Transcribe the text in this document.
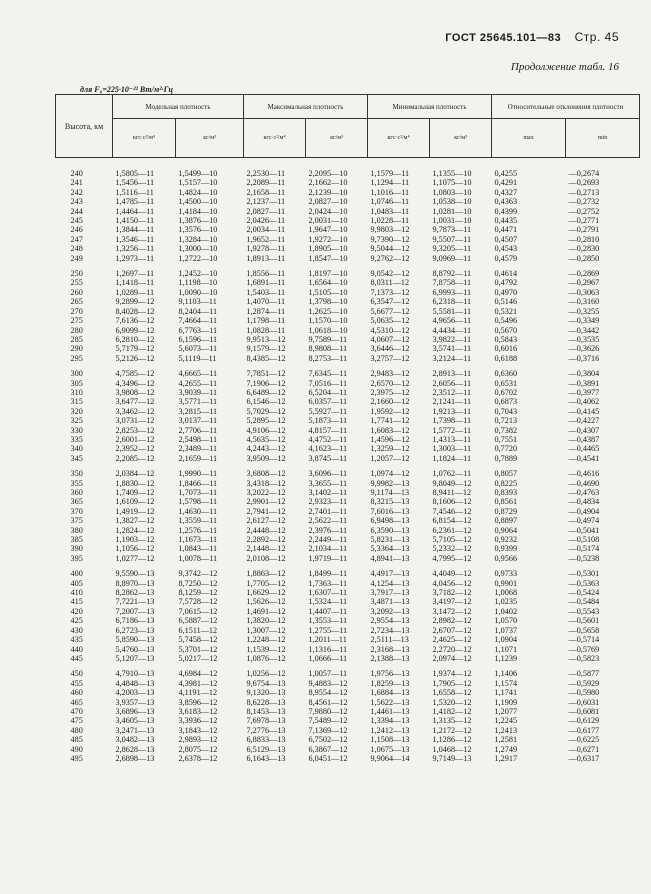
ГОСТ 25645.101—83 Стр. 45
Продолжение табл. 16
для F₀=225·10⁻²² Вт/м²·Гц
Высота, км	Модельная плотность		Максимальная плотность		Минимальная плотность		Относительные отклонения плотности	
	кгс·с²/м⁴	кг/м³	кгс·с²/м⁴	кг/м³	кгс·с²/м⁴	кг/м³	max	min
240	1,5805—11	1,5499—10	2,2530—11	2,2095—10	1,1579—11	1,1355—10	0,4255	—0,2674
241	1,5456—11	1,5157—10	2,2089—11	2,1662—10	1,1294—11	1,1075—10	0,4291	—0,2693
242	1,5116—11	1,4824—10	2,1658—11	2,1239—10	1,1016—11	1,0803—10	0,4327	—0,2713
243	1,4785—11	1,4500—10	2,1237—11	2,0827—10	1,0746—11	1,0538—10	0,4363	—0,2732
244	1,4464—11	1,4184—10	2,0827—11	2,0424—10	1,0483—11	1,0281—10	0,4399	—0,2752
245	1,4150—11	1,3876—10	2,0426—11	2,0031—10	1,0228—11	1,0031—10	0,4435	—0,2771
246	1,3844—11	1,3576—10	2,0034—11	1,9647—10	9,9803—12	9,7873—11	0,4471	—0,2791
247	1,3546—11	1,3284—10	1,9652—11	1,9272—10	9,7390—12	9,5507—11	0,4507	—0,2810
248	1,3256—11	1,3000—10	1,9278—11	1,8905—10	9,5044—12	9,3205—11	0,4543	—0,2830
249	1,2973—11	1,2722—10	1,8913—11	1,8547—10	9,2762—12	9,0969—11	0,4579	—0,2850

250	1,2697—11	1,2452—10	1,8556—11	1,8197—10	9,0542—12	8,8792—11	0,4614	—0,2869
255	1,1418—11	1,1198—10	1,6891—11	1,6564—10	8,0311—12	7,8758—11	0,4792	—0,2967
260	1,0289—11	1,0090—10	1,5403—11	1,5105—10	7,1373—12	6,9993—11	0,4970	—0,3063
265	9,2899—12	9,1103—11	1,4070—11	1,3798—10	6,3547—12	6,2318—11	0,5146	—0,3160
270	8,4028—12	8,2404—11	1,2874—11	1,2625—10	5,6677—12	5,5581—11	0,5321	—0,3255
275	7,6136—12	7,4664—11	1,1798—11	1,1570—10	5,0635—12	4,9656—11	0,5496	—0,3349
280	6,9099—12	6,7763—11	1,0828—11	1,0618—10	4,5310—12	4,4434—11	0,5670	—0,3442
285	6,2810—12	6,1596—11	9,9513—12	9,7589—11	4,0607—12	3,9822—11	0,5843	—0,3535
290	5,7179—12	5,6073—11	9,1579—12	8,9808—11	3,6446—12	3,5741—11	0,6016	—0,3626
295	5,2126—12	5,1119—11	8,4385—12	8,2753—11	3,2757—12	3,2124—11	0,6188	—0,3716

300	4,7585—12	4,6665—11	7,7851—12	7,6345—11	2,9483—12	2,8913—11	0,6360	—0,3804
305	4,3496—12	4,2655—11	7,1906—12	7,0516—11	2,6570—12	2,6056—11	0,6531	—0,3891
310	3,9808—12	3,9039—11	6,6489—12	6,5204—11	2,3975—12	2,3512—11	0,6702	—0,3977
315	3,6477—12	3,5771—11	6,1546—12	6,0357—11	2,1660—12	2,1241—11	0,6873	—0,4062
320	3,3462—12	3,2815—11	5,7029—12	5,5927—11	1,9592—12	1,9213—11	0,7043	—0,4145
325	3,0731—12	3,0137—11	5,2895—12	5,1873—11	1,7741—12	1,7398—11	0,7213	—0,4227
330	2,8253—12	2,7706—11	4,9106—12	4,8157—11	1,6083—12	1,5772—11	0,7382	—0,4307
335	2,6001—12	2,5498—11	4,5635—12	4,4752—11	1,4596—12	1,4313—11	0,7551	—0,4387
340	2,3952—12	2,3489—11	4,2443—12	4,1623—11	1,3259—12	1,3003—11	0,7720	—0,4465
345	2,2085—12	2,1659—11	3,9509—12	3,8745—11	1,2057—12	1,1824—11	0,7889	—0,4541

350	2,0384—12	1,9990—11	3,6808—12	3,6096—11	1,0974—12	1,0762—11	0,8057	—0,4616
355	1,8830—12	1,8466—11	3,4318—12	3,3655—11	9,9982—13	9,8049—12	0,8225	—0,4690
360	1,7409—12	1,7073—11	3,2022—12	3,1402—11	9,1174—13	8,9411—12	0,8393	—0,4763
365	1,6109—12	1,5798—11	2,9901—12	2,9323—11	8,3215—13	8,1606—12	0,8561	—0,4834
370	1,4919—12	1,4630—11	2,7941—12	2,7401—11	7,6016—13	7,4546—12	0,8729	—0,4904
375	1,3827—12	1,3559—11	2,6127—12	2,5622—11	6,9498—13	6,8154—12	0,8897	—0,4974
380	1,2824—12	1,2576—11	2,4448—12	2,3976—11	6,3590—13	6,2361—12	0,9064	—0,5041
385	1,1903—12	1,1673—11	2,2892—12	2,2449—11	5,8231—13	5,7105—12	0,9232	—0,5108
390	1,1056—12	1,0843—11	2,1448—12	2,1034—11	5,3364—13	5,2332—12	0,9399	—0,5174
395	1,0277—12	1,0078—11	2,0108—12	1,9719—11	4,8941—13	4,7995—12	0,9566	—0,5238

400	9,5590—13	9,3742—12	1,8863—12	1,8499—11	4,4917—13	4,4049—12	0,9733	—0,5301
405	8,8970—13	8,7250—12	1,7705—12	1,7363—11	4,1254—13	4,0456—12	0,9901	—0,5363
410	8,2862—13	8,1259—12	1,6629—12	1,6307—11	3,7917—13	3,7182—12	1,0068	—0,5424
415	7,7221—13	7,5728—12	1,5626—12	1,5324—11	3,4871—13	3,4197—12	1,0235	—0,5484
420	7,2007—13	7,0615—12	1,4691—12	1,4407—11	3,2092—13	3,1472—12	1,0402	—0,5543
425	6,7186—13	6,5887—12	1,3820—12	1,3553—11	2,9554—13	2,8982—12	1,0570	—0,5601
430	6,2723—13	6,1511—12	1,3007—12	1,2755—11	2,7234—13	2,6707—12	1,0737	—0,5658
435	5,8590—13	5,7458—12	1,2248—12	1,2011—11	2,5111—13	2,4625—12	1,0904	—0,5714
440	5,4760—13	5,3701—12	1,1539—12	1,1316—11	2,3168—13	2,2720—12	1,1071	—0,5769
445	5,1207—13	5,0217—12	1,0876—12	1,0666—11	2,1388—13	2,0974—12	1,1239	—0,5823

450	4,7910—13	4,6984—12	1,0256—12	1,0057—11	1,9756—13	1,9374—12	1,1406	—0,5877
455	4,4848—13	4,3981—12	9,6754—13	9,4883—12	1,8259—13	1,7905—12	1,1574	—0,5929
460	4,2003—13	4,1191—12	9,1320—13	8,9554—12	1,6884—13	1,6558—12	1,1741	—0,5980
465	3,9357—13	3,8596—12	8,6228—13	8,4561—12	1,5622—13	1,5320—12	1,1909	—0,6031
470	3,6896—13	3,6183—12	8,1453—13	7,9880—12	1,4461—13	1,4182—12	1,2077	—0,6081
475	3,4605—13	3,3936—12	7,6978—13	7,5489—12	1,3394—13	1,3135—12	1,2245	—0,6129
480	3,2471—13	3,1843—12	7,2776—13	7,1369—12	1,2412—13	1,2172—12	1,2413	—0,6177
485	3,0482—13	2,9893—12	6,8833—13	6,7502—12	1,1508—13	1,1286—12	1,2581	—0,6225
490	2,8628—13	2,8075—12	6,5129—13	6,3867—12	1,0675—13	1,0468—12	1,2749	—0,6271
495	2,6898—13	2,6378—12	6,1643—13	6,0451—12	9,9064—14	9,7149—13	1,2917	—0,6317
